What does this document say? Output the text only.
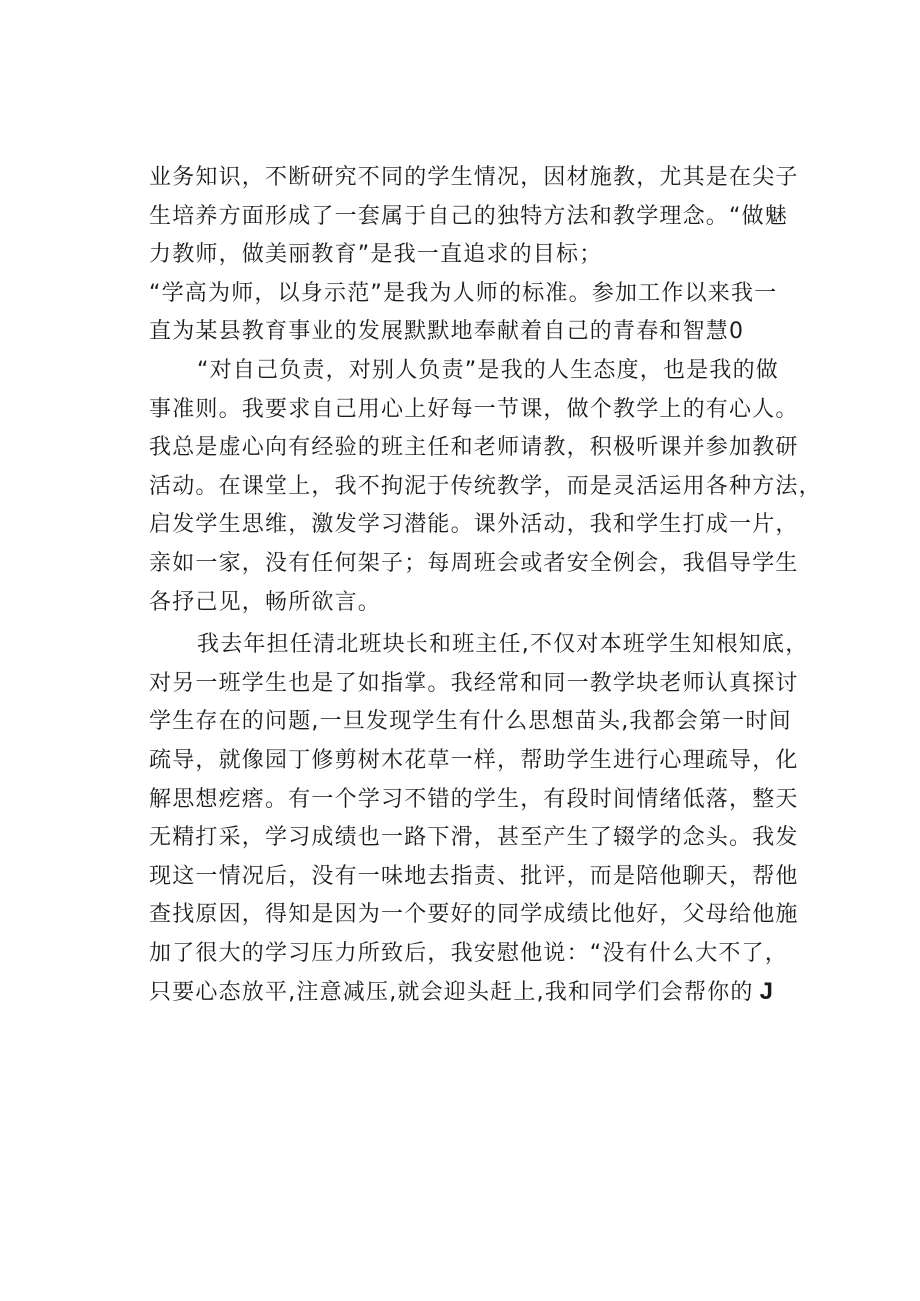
业务知识，不断研究不同的学生情况，因材施教，尤其是在尖子
生培养方面形成了一套属于自己的独特方法和教学理念。“做魅
力教师，做美丽教育”是我一直追求的目标；
“学高为师，以身示范”是我为人师的标准。参加工作以来我一
直为某县教育事业的发展默默地奉献着自己的青春和智慧0
“对自己负责，对别人负责”是我的人生态度，也是我的做
事准则。我要求自己用心上好每一节课，做个教学上的有心人。
我总是虚心向有经验的班主任和老师请教，积极听课并参加教研
活动。在课堂上，我不拘泥于传统教学，而是灵活运用各种方法，
启发学生思维，激发学习潜能。课外活动，我和学生打成一片，
亲如一家，没有任何架子；每周班会或者安全例会，我倡导学生
各抒己见，畅所欲言。
我去年担任清北班块长和班主任,不仅对本班学生知根知底，
对另一班学生也是了如指掌。我经常和同一教学块老师认真探讨
学生存在的问题,一旦发现学生有什么思想苗头,我都会第一时间
疏导，就像园丁修剪树木花草一样，帮助学生进行心理疏导，化
解思想疙瘩。有一个学习不错的学生，有段时间情绪低落，整天
无精打采，学习成绩也一路下滑，甚至产生了辍学的念头。我发
现这一情况后，没有一味地去指责、批评，而是陪他聊天，帮他
查找原因，得知是因为一个要好的同学成绩比他好，父母给他施
加了很大的学习压力所致后，我安慰他说：“没有什么大不了，
只要心态放平,注意减压,就会迎头赶上,我和同学们会帮你的 J
